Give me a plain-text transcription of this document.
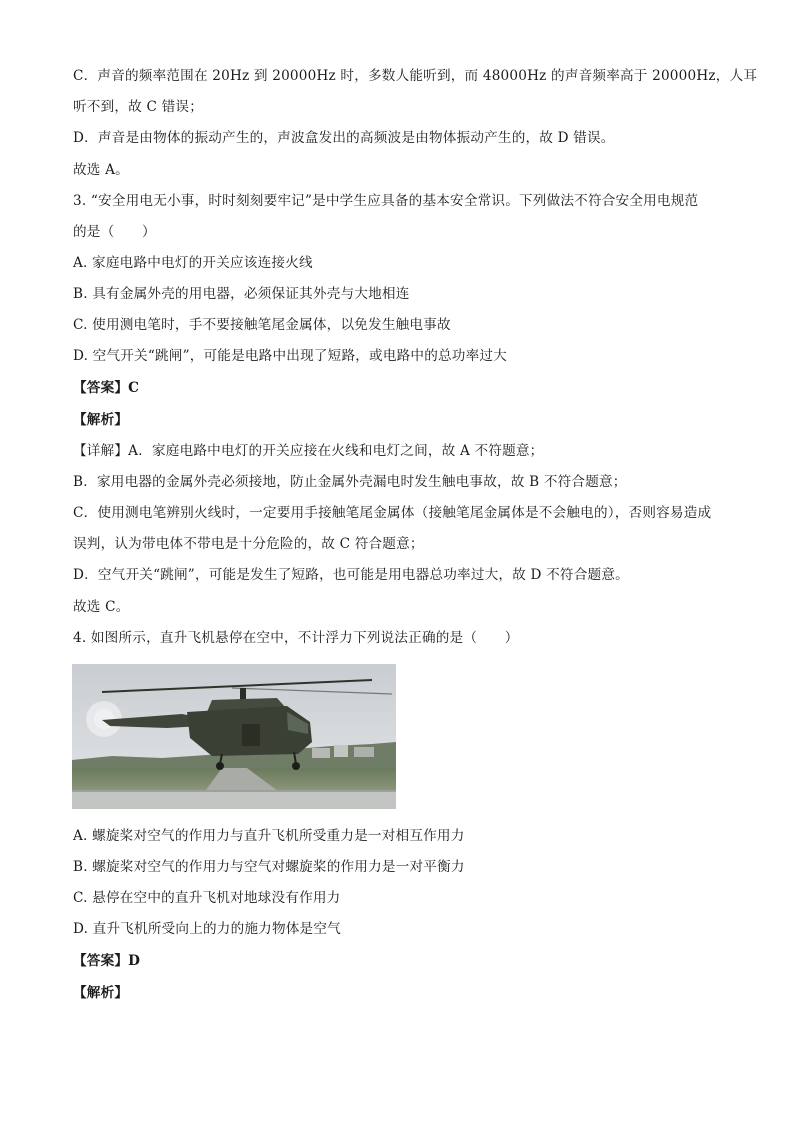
C．声音的频率范围在 20Hz 到 20000Hz 时，多数人能听到，而 48000Hz 的声音频率高于 20000Hz，人耳
听不到，故 C 错误；
D．声音是由物体的振动产生的，声波盒发出的高频波是由物体振动产生的，故 D 错误。
故选 A。
3. “安全用电无小事，时时刻刻要牢记”是中学生应具备的基本安全常识。下列做法不符合安全用电规范
的是（　　）
A. 家庭电路中电灯的开关应该连接火线
B. 具有金属外壳的用电器，必须保证其外壳与大地相连
C. 使用测电笔时，手不要接触笔尾金属体，以免发生触电事故
D. 空气开关“跳闸”，可能是电路中出现了短路，或电路中的总功率过大
【答案】C
【解析】
【详解】A．家庭电路中电灯的开关应接在火线和电灯之间，故 A 不符题意；
B．家用电器的金属外壳必须接地，防止金属外壳漏电时发生触电事故，故 B 不符合题意；
C．使用测电笔辨别火线时，一定要用手接触笔尾金属体（接触笔尾金属体是不会触电的），否则容易造成
误判，认为带电体不带电是十分危险的，故 C 符合题意；
D．空气开关“跳闸”，可能是发生了短路，也可能是用电器总功率过大，故 D 不符合题意。
故选 C。
4. 如图所示，直升飞机悬停在空中，不计浮力下列说法正确的是（　　）
A. 螺旋桨对空气的作用力与直升飞机所受重力是一对相互作用力
B. 螺旋桨对空气的作用力与空气对螺旋桨的作用力是一对平衡力
C. 悬停在空中的直升飞机对地球没有作用力
D. 直升飞机所受向上的力的施力物体是空气
【答案】D
【解析】
